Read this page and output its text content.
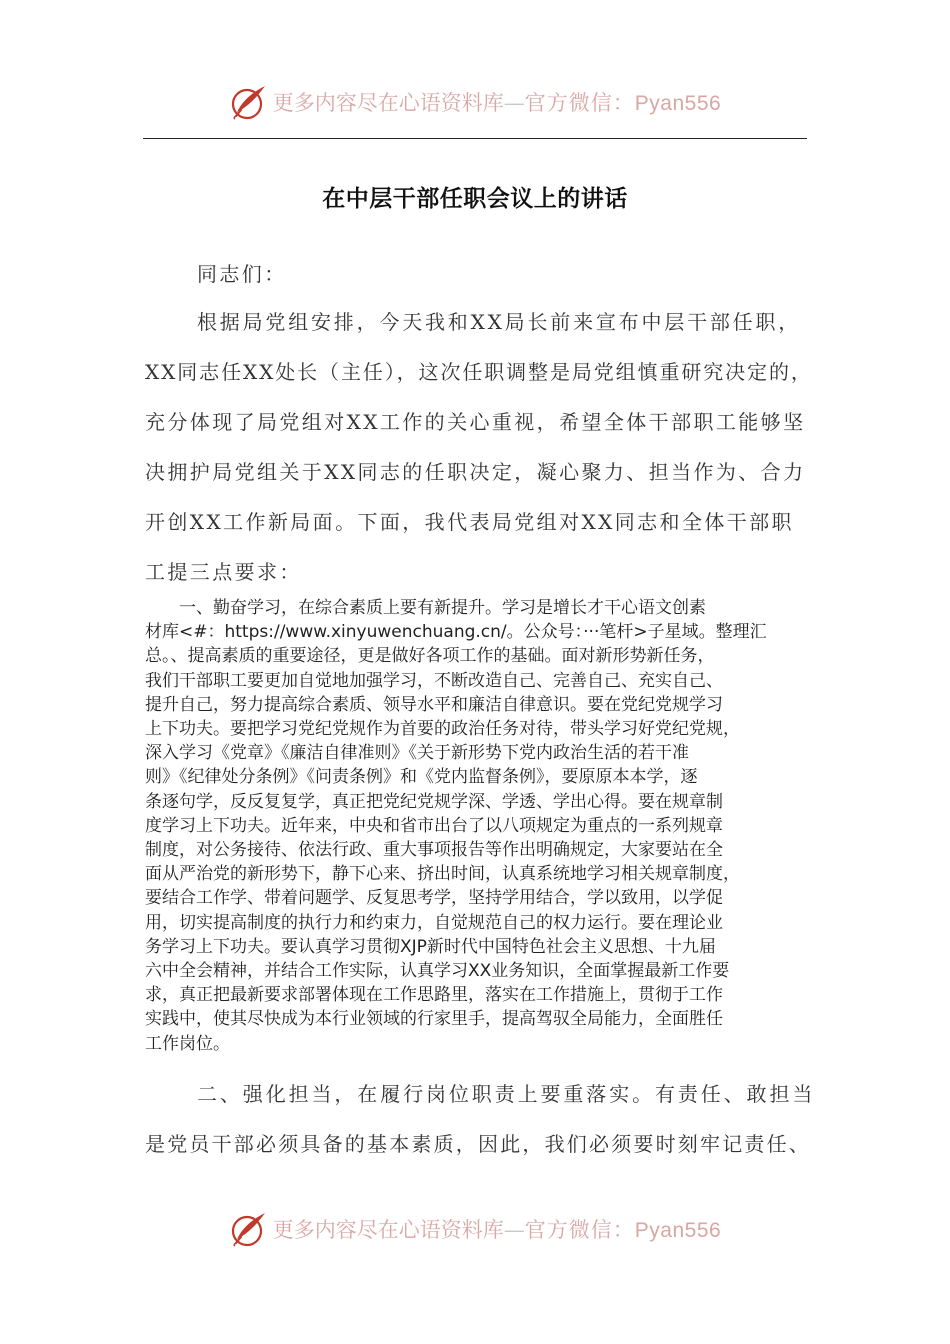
更多内容尽在心语资料库—官方微信：Pyan556
在中层干部任职会议上的讲话
同志们：
根据局党组安排，今天我和XX局长前来宣布中层干部任职，
XX同志任XX处长（主任），这次任职调整是局党组慎重研究决定的，
充分体现了局党组对XX工作的关心重视，希望全体干部职工能够坚
决拥护局党组关于XX同志的任职决定，凝心聚力、担当作为、合力
开创XX工作新局面。下面，我代表局党组对XX同志和全体干部职
工提三点要求：
　　一、勤奋学习，在综合素质上要有新提升。学习是增长才干心语文创素
材库<#：https://www.xinyuwenchuang.cn/。公众号：···笔杆>子星域。整理汇
总。、提高素质的重要途径，更是做好各项工作的基础。面对新形势新任务，
我们干部职工要更加自觉地加强学习，不断改造自己、完善自己、充实自己、
提升自己，努力提高综合素质、领导水平和廉洁自律意识。要在党纪党规学习
上下功夫。要把学习党纪党规作为首要的政治任务对待，带头学习好党纪党规，
深入学习《党章》《廉洁自律准则》《关于新形势下党内政治生活的若干准
则》《纪律处分条例》《问责条例》和《党内监督条例》，要原原本本学，逐
条逐句学，反反复复学，真正把党纪党规学深、学透、学出心得。要在规章制
度学习上下功夫。近年来，中央和省市出台了以八项规定为重点的一系列规章
制度，对公务接待、依法行政、重大事项报告等作出明确规定，大家要站在全
面从严治党的新形势下，静下心来、挤出时间，认真系统地学习相关规章制度，
要结合工作学、带着问题学、反复思考学，坚持学用结合，学以致用，以学促
用，切实提高制度的执行力和约束力，自觉规范自己的权力运行。要在理论业
务学习上下功夫。要认真学习贯彻XJP新时代中国特色社会主义思想、十九届
六中全会精神，并结合工作实际，认真学习XX业务知识，全面掌握最新工作要
求，真正把最新要求部署体现在工作思路里，落实在工作措施上，贯彻于工作
实践中，使其尽快成为本行业领域的行家里手，提高驾驭全局能力，全面胜任
工作岗位。
二、强化担当，在履行岗位职责上要重落实。有责任、敢担当
是党员干部必须具备的基本素质，因此，我们必须要时刻牢记责任、
更多内容尽在心语资料库—官方微信：Pyan556
